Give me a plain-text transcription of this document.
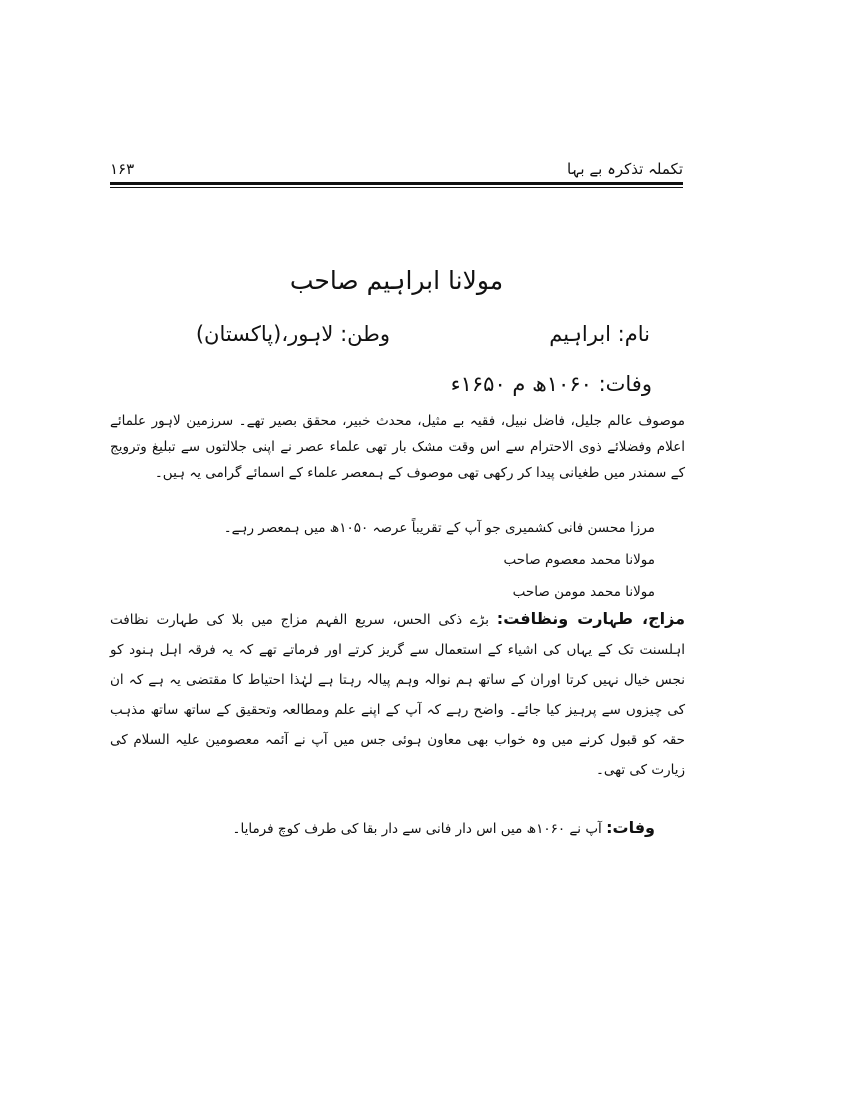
۱۶۳	تکملہ تذکرہ بے بہا
مولانا ابراہیم صاحب
نام: ابراہیم
وطن: لاہور،(پاکستان)
وفات: ۱۰۶۰ھ م ۱۶۵۰ء
موصوف عالم جلیل، فاضل نبیل، فقیہ بے مثیل، محدث خبیر، محقق بصیر تھے۔ سرزمین لاہور علمائے اعلام وفضلائے ذوی الاحترام سے اس وقت مشک بار تھی علماء عصر نے اپنی جلالتوں سے تبلیغ وترویج کے سمندر میں طغیانی پیدا کر رکھی تھی موصوف کے ہمعصر علماء کے اسمائے گرامی یہ ہیں۔
مرزا محسن فانی کشمیری جو آپ کے تقریباً عرصہ ۱۰۵۰ھ میں ہمعصر رہے۔
مولانا محمد معصوم صاحب
مولانا محمد مومن صاحب
مزاج، طہارت ونظافت: بڑے ذکی الحس، سریع الفہم مزاج میں بلا کی طہارت نظافت اہلسنت تک کے یہاں کی اشیاء کے استعمال سے گریز کرتے اور فرماتے تھے کہ یہ فرقہ اہل ہنود کو نجس خیال نہیں کرتا اوران کے ساتھ ہم نوالہ وہم پیالہ رہتا ہے لہٰذا احتیاط کا مقتضی یہ ہے کہ ان کی چیزوں سے پرہیز کیا جائے۔ واضح رہے کہ آپ کے اپنے علم ومطالعہ وتحقیق کے ساتھ ساتھ مذہب حقہ کو قبول کرنے میں وہ خواب بھی معاون ہوئی جس میں آپ نے آئمہ معصومین علیہ السلام کی زیارت کی تھی۔
وفات: آپ نے ۱۰۶۰ھ میں اس دار فانی سے دار بقا کی طرف کوچ فرمایا۔
